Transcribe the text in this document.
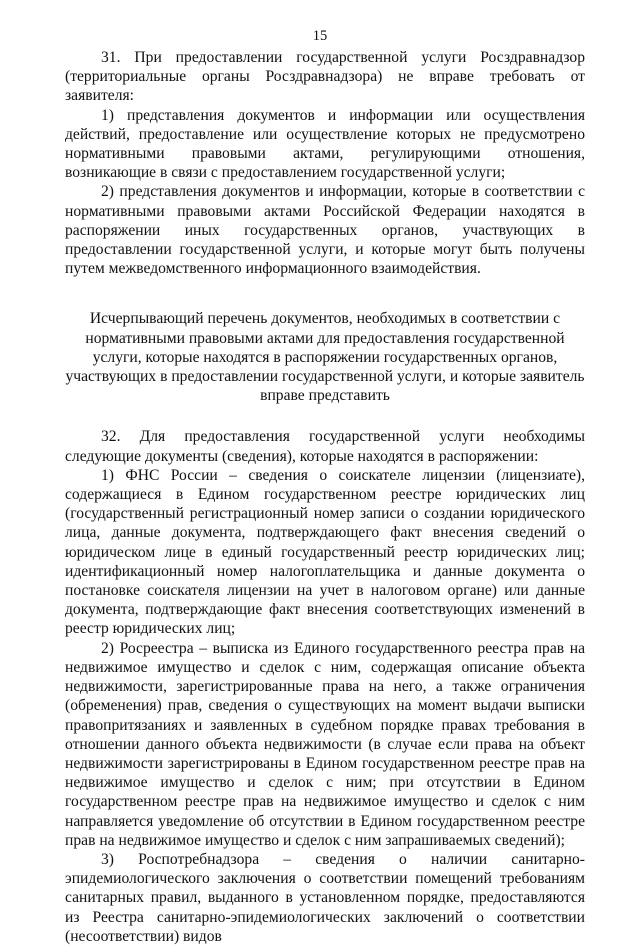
15

31. При предоставлении государственной услуги Росздравнадзор (территориальные органы Росздравнадзора) не вправе требовать от заявителя:

1) представления документов и информации или осуществления действий, предоставление или осуществление которых не предусмотрено нормативными правовыми актами, регулирующими отношения, возникающие в связи с предоставлением государственной услуги;

2) представления документов и информации, которые в соответствии с нормативными правовыми актами Российской Федерации находятся в распоряжении иных государственных органов, участвующих в предоставлении государственной услуги, и которые могут быть получены путем межведомственного информационного взаимодействия.

Исчерпывающий перечень документов, необходимых в соответствии с нормативными правовыми актами для предоставления государственной услуги, которые находятся в распоряжении государственных органов, участвующих в предоставлении государственной услуги, и которые заявитель вправе представить

32. Для предоставления государственной услуги необходимы следующие документы (сведения), которые находятся в распоряжении:

1) ФНС России – сведения о соискателе лицензии (лицензиате), содержащиеся в Едином государственном реестре юридических лиц (государственный регистрационный номер записи о создании юридического лица, данные документа, подтверждающего факт внесения сведений о юридическом лице в единый государственный реестр юридических лиц; идентификационный номер налогоплательщика и данные документа о постановке соискателя лицензии на учет в налоговом органе) или данные документа, подтверждающие факт внесения соответствующих изменений в реестр юридических лиц;

2) Росреестра – выписка из Единого государственного реестра прав на недвижимое имущество и сделок с ним, содержащая описание объекта недвижимости, зарегистрированные права на него, а также ограничения (обременения) прав, сведения о существующих на момент выдачи выписки правопритязаниях и заявленных в судебном порядке правах требования в отношении данного объекта недвижимости (в случае если права на объект недвижимости зарегистрированы в Едином государственном реестре прав на недвижимое имущество и сделок с ним; при отсутствии в Едином государственном реестре прав на недвижимое имущество и сделок с ним направляется уведомление об отсутствии в Едином государственном реестре прав на недвижимое имущество и сделок с ним запрашиваемых сведений);

3) Роспотребнадзора – сведения о наличии санитарно-эпидемиологического заключения о соответствии помещений требованиям санитарных правил, выданного в установленном порядке, предоставляются из Реестра санитарно-эпидемиологических заключений о соответствии (несоответствии) видов
